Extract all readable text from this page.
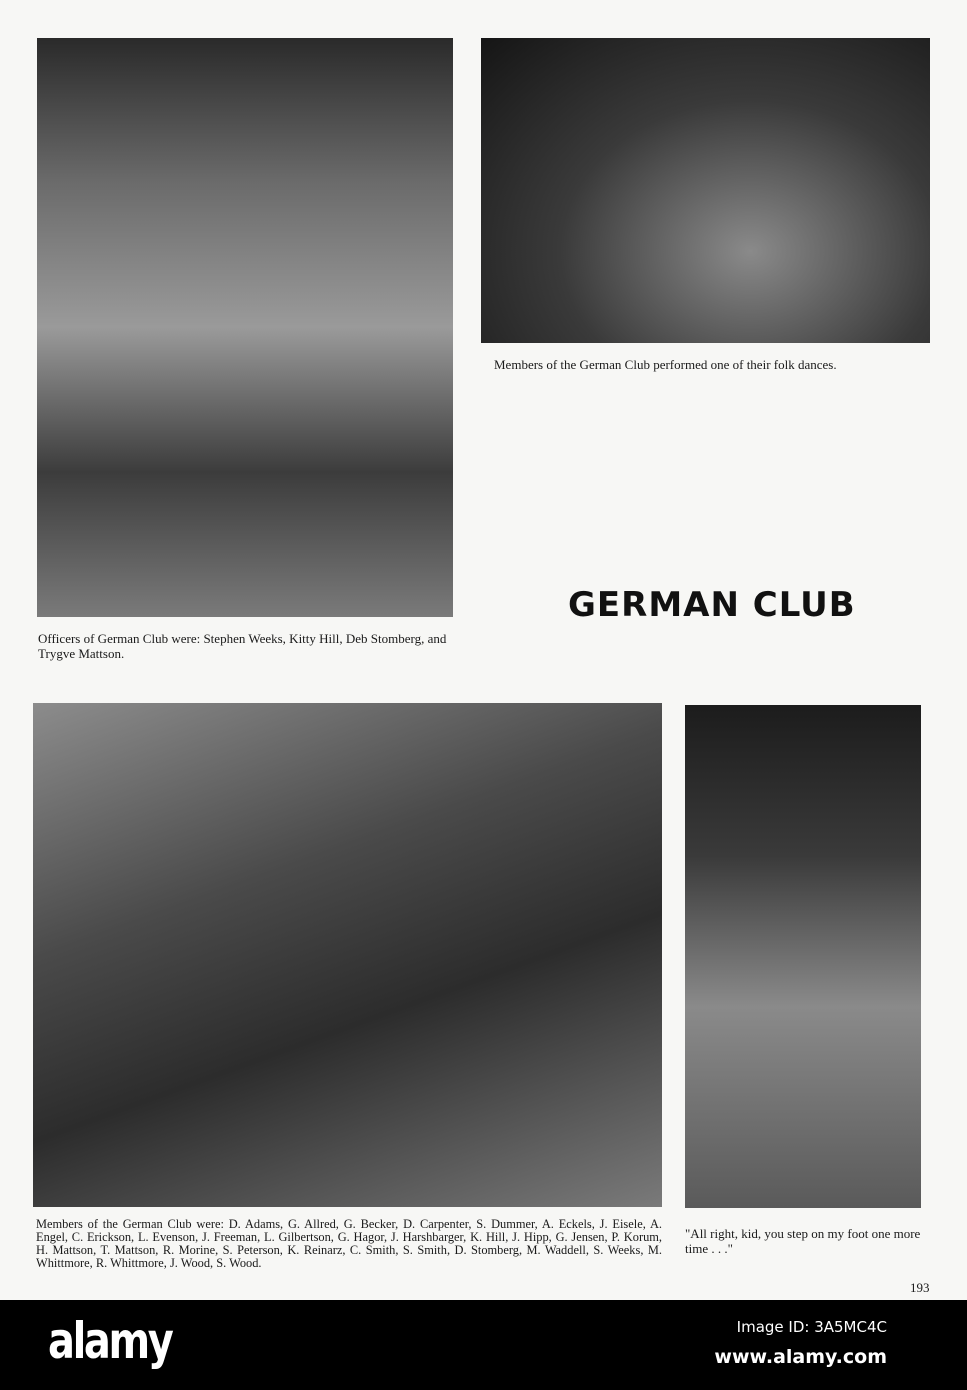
Officers of German Club were: Stephen Weeks, Kitty Hill, Deb Stomberg, and Trygve Mattson.
Members of the German Club performed one of their folk dances.
GERMAN CLUB
Members of the German Club were: D. Adams, G. Allred, G. Becker, D. Carpenter, S. Dummer, A. Eckels, J. Eisele, A. Engel, C. Erickson, L. Evenson, J. Freeman, L. Gilbertson, G. Hagor, J. Harshbarger, K. Hill, J. Hipp, G. Jensen, P. Korum, H. Mattson, T. Mattson, R. Morine, S. Peterson, K. Reinarz, C. Smith, S. Smith, D. Stomberg, M. Waddell, S. Weeks, M. Whittmore, R. Whittmore, J. Wood, S. Wood.
"All right, kid, you step on my foot one more time . . ."
193
alamy	Image ID: 3A5MC4C
www.alamy.com
